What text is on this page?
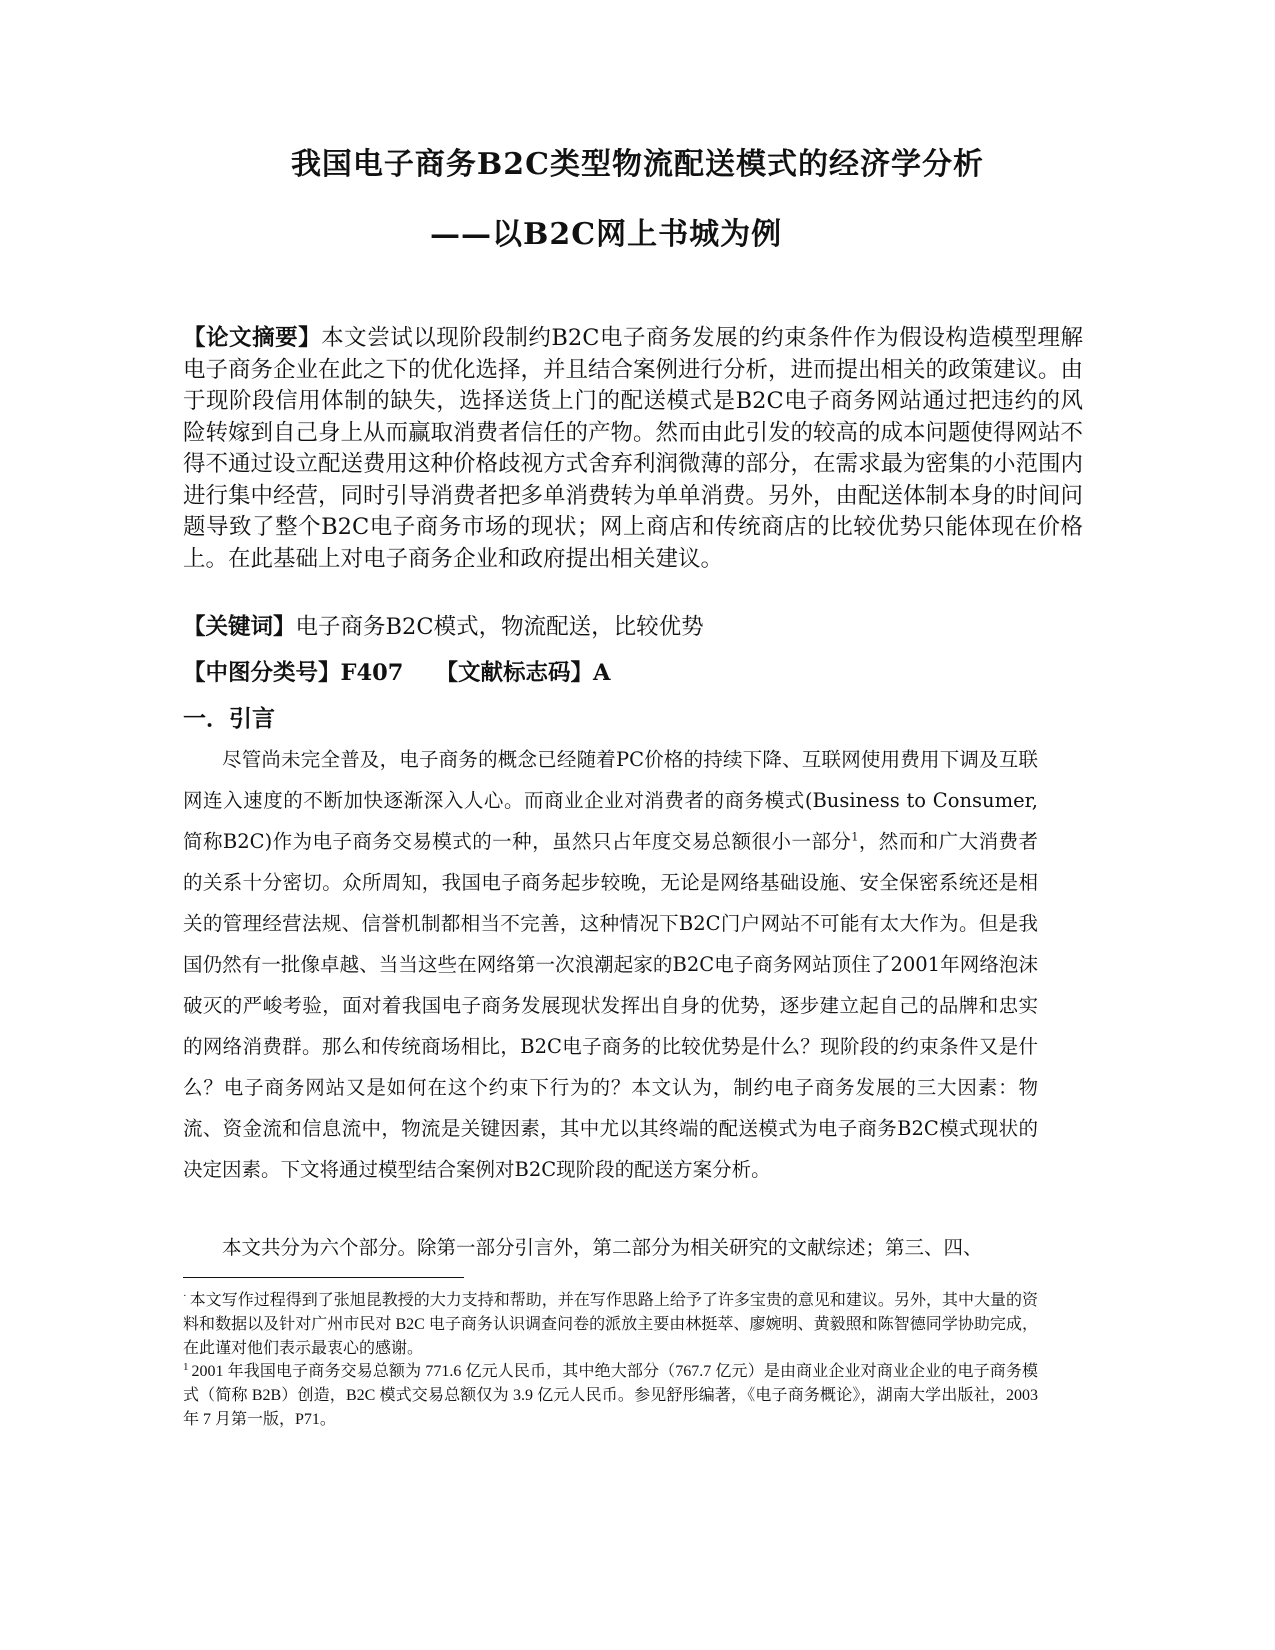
我国电子商务B2C类型物流配送模式的经济学分析
——以B2C网上书城为例

【论文摘要】本文尝试以现阶段制约B2C电子商务发展的约束条件作为假设构造模型理解电子商务企业在此之下的优化选择，并且结合案例进行分析，进而提出相关的政策建议。由于现阶段信用体制的缺失，选择送货上门的配送模式是B2C电子商务网站通过把违约的风险转嫁到自己身上从而赢取消费者信任的产物。然而由此引发的较高的成本问题使得网站不得不通过设立配送费用这种价格歧视方式舍弃利润微薄的部分，在需求最为密集的小范围内进行集中经营，同时引导消费者把多单消费转为单单消费。另外，由配送体制本身的时间问题导致了整个B2C电子商务市场的现状；网上商店和传统商店的比较优势只能体现在价格上。在此基础上对电子商务企业和政府提出相关建议。

【关键词】电子商务B2C模式，物流配送，比较优势

【中图分类号】F407 【文献标志码】A

一．引言

尽管尚未完全普及，电子商务的概念已经随着PC价格的持续下降、互联网使用费用下调及互联网连入速度的不断加快逐渐深入人心。而商业企业对消费者的商务模式(Business to Consumer,简称B2C)作为电子商务交易模式的一种，虽然只占年度交易总额很小一部分$^1$，然而和广大消费者的关系十分密切。众所周知，我国电子商务起步较晚，无论是网络基础设施、安全保密系统还是相关的管理经营法规、信誉机制都相当不完善，这种情况下B2C门户网站不可能有太大作为。但是我国仍然有一批像卓越、当当这些在网络第一次浪潮起家的B2C电子商务网站顶住了2001年网络泡沫破灭的严峻考验，面对着我国电子商务发展现状发挥出自身的优势，逐步建立起自己的品牌和忠实的网络消费群。那么和传统商场相比，B2C电子商务的比较优势是什么？现阶段的约束条件又是什么？电子商务网站又是如何在这个约束下行为的？本文认为，制约电子商务发展的三大因素：物流、资金流和信息流中，物流是关键因素，其中尤以其终端的配送模式为电子商务B2C模式现状的决定因素。下文将通过模型结合案例对B2C现阶段的配送方案分析。

本文共分为六个部分。除第一部分引言外，第二部分为相关研究的文献综述；第三、四、

· 本文写作过程得到了张旭昆教授的大力支持和帮助，并在写作思路上给予了许多宝贵的意见和建议。另外，其中大量的资料和数据以及针对广州市民对 B2C 电子商务认识调查问卷的派放主要由林挺萃、廖婉明、黄毅照和陈智德同学协助完成，在此谨对他们表示最衷心的感谢。

$^1$ 2001 年我国电子商务交易总额为 771.6 亿元人民币，其中绝大部分（767.7 亿元）是由商业企业对商业企业的电子商务模式（简称 B2B）创造，B2C 模式交易总额仅为 3.9 亿元人民币。参见舒彤编著，《电子商务概论》，湖南大学出版社，2003 年 7 月第一版，P71。
